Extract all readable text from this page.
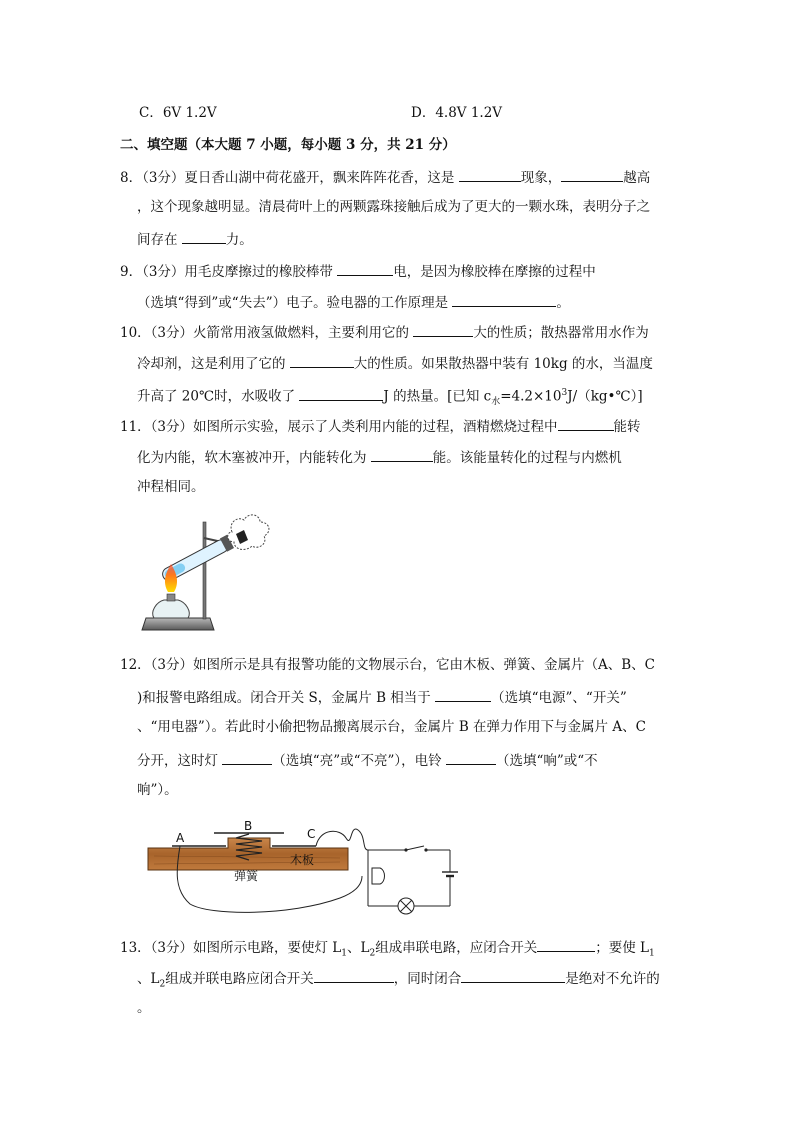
C．6V 1.2V	D．4.8V 1.2V
二、填空题（本大题 7 小题，每小题 3 分，共 21 分）
8．（3分）夏日香山湖中荷花盛开，飘来阵阵花香，这是	现象，	越高
，这个现象越明显。清晨荷叶上的两颗露珠接触后成为了更大的一颗水珠，表明分子之
间存在	力。
9．（3分）用毛皮摩擦过的橡胶棒带	电，是因为橡胶棒在摩擦的过程中
（选填“得到”或“失去”）电子。验电器的工作原理是	。
10．（3分）火箭常用液氢做燃料，主要利用它的	大的性质；散热器常用水作为
冷却剂，这是利用了它的	大的性质。如果散热器中装有 10kg 的水，当温度
升高了 20℃时，水吸收了	J 的热量。[已知 $c_水=4.2\times 10^3J/(kg•℃)$]
11．（3分）如图所示实验，展示了人类利用内能的过程，酒精燃烧过程中	能转
化为内能，软木塞被冲开，内能转化为	能。该能量转化的过程与内燃机
冲程相同。
12．（3分）如图所示是具有报警功能的文物展示台，它由木板、弹簧、金属片（A、B、C
)和报警电路组成。闭合开关 S，金属片 B 相当于	（选填“电源”、“开关”
、“用电器”）。若此时小偷把物品搬离展示台，金属片 B 在弹力作用下与金属片 A、C
分开，这时灯	（选填“亮”或“不亮”），电铃	（选填“响”或“不
响”）。
A
B
C
弹簧
木板
13．（3分）如图所示电路，要使灯 $L_1$、$L_2$组成串联电路，应闭合开关	；要使 $L_1$
、$L_2$组成并联电路应闭合开关	，同时闭合	是绝对不允许的
。
